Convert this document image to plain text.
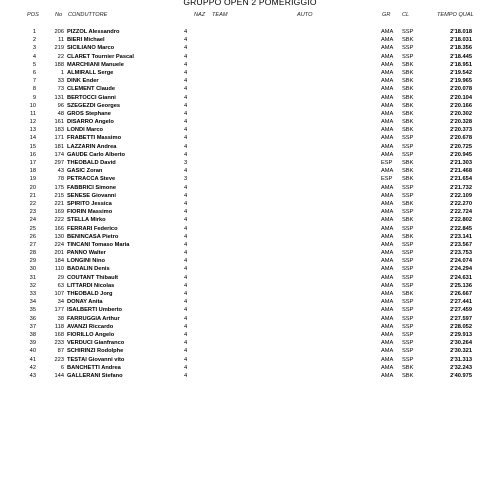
GRUPPO OPEN 2 POMERIGGIO
POS	No CONDUTTORE	NAZ TEAM	AUTO	GR CL	TEMPO QUAL
1	206 PIZZOL Alessandro	4	AMA SSP	2'18.018
2	11 BIERI Michael	4	AMA SBK	2'18.031
3	219 SICILIANO Marco	4	AMA SSP	2'18.356
4	22 CLARET Tournier Pascal	4	AMA SSP	2'18.445
5	188 MARCHIANI Manuele	4	AMA SBK	2'18.951
6	1 ALMIRALL Serge	4	AMA SBK	2'19.542
7	33 DINK Ender	4	AMA SBK	2'19.965
8	73 CLEMENT Claude	4	AMA SBK	2'20.078
9	131 BERTOCCI Gianni	4	AMA SBK	2'20.104
10	96 SZEGEZDI Georges	4	AMA SBK	2'20.166
11	48 GROS Stephane	4	AMA SBK	2'20.302
12	161 DISARRO Angelo	4	AMA SBK	2'20.328
13	183 LONDI Marco	4	AMA SBK	2'20.373
14	171 FRABETTI Massimo	4	AMA SSP	2'20.678
15	181 LAZZARIN Andrea	4	AMA SSP	2'20.725
16	174 GAUDE Carlo Alberto	4	AMA SSP	2'20.945
17	297 THEOBALD David	3	ESP SBK	2'21.303
18	43 GASIC Zoran	4	AMA SBK	2'21.468
19	78 PETRACCA Steve	3	ESP SBK	2'21.654
20	175 FABBRICI Simone	4	AMA SSP	2'21.732
21	215 SENESE Giovanni	4	AMA SSP	2'22.109
22	221 SPIRITO Jessica	4	AMA SBK	2'22.270
23	169 FIORIN Massimo	4	AMA SSP	2'22.724
24	222 STELLA Mirko	4	AMA SBK	2'22.802
25	166 FERRARI Federico	4	AMA SSP	2'22.845
26	130 BENINCASA Pietro	4	AMA SBK	2'23.141
27	224 TINCANI Tomaso Maria	4	AMA SSP	2'23.567
28	201 PANNO Walter	4	AMA SSP	2'23.753
29	184 LONGINI Nino	4	AMA SSP	2'24.074
30	110 BADALIN Denis	4	AMA SSP	2'24.294
31	29 COUTANT Thibault	4	AMA SSP	2'24.631
32	63 LITTARDI Nicolas	4	AMA SSP	2'25.136
33	107 THEOBALD Jorg	4	AMA SBK	2'26.667
34	34 DONAY Anita	4	AMA SSP	2'27.441
35	177 ISALBERTI Umberto	4	AMA SSP	2'27.459
36	38 FARRUGGIA Arthur	4	AMA SSP	2'27.597
37	118 AVANZI Riccardo	4	AMA SSP	2'28.052
38	168 FIORILLO Angelo	4	AMA SSP	2'29.913
39	233 VERDUCI Gianfranco	4	AMA SSP	2'30.264
40	87 SCHIRINZI Rodolphe	4	AMA SSP	2'30.321
41	223 TESTAI Giovanni vito	4	AMA SSP	2'31.313
42	6 BANCHETTI Andrea	4	AMA SBK	2'32.243
43	144 GALLERANI Stefano	4	AMA SBK	2'40.975
